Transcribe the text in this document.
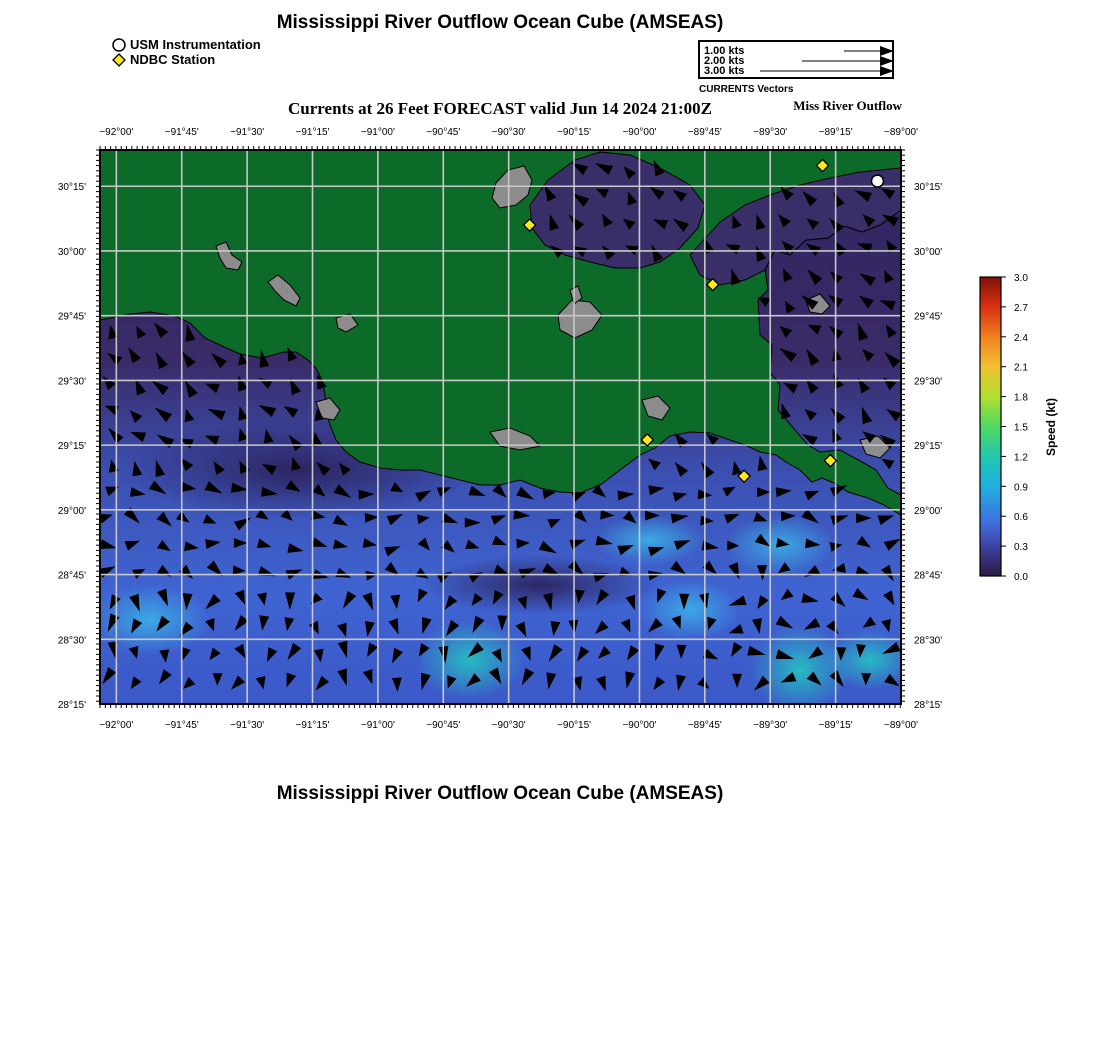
Mississippi River Outflow Ocean Cube (AMSEAS)
USM Instrumentation
NDBC Station
1.00 kts
2.00 kts
3.00 kts
CURRENTS Vectors
Currents at 26 Feet FORECAST valid Jun 14 2024 21:00Z	Miss River Outflow
−92°00'	−91°45'	−91°30'	−91°15'	−91°00'	−90°45'	−90°30'	−90°15'	−90°00'	−89°45'	−89°30'	−89°15'	−89°00'
−92°00'	−91°45'	−91°30'	−91°15'	−91°00'	−90°45'	−90°30'	−90°15'	−90°00'	−89°45'	−89°30'	−89°15'	−89°00'
30°15'
30°00'
29°45'
29°30'
29°15'
29°00'
28°45'
28°30'
28°15'
30°15'
30°00'
29°45'
29°30'
29°15'
29°00'
28°45'
28°30'
28°15'
3.0
2.7
2.4
2.1
1.8
1.5
1.2
0.9
0.6
0.3
0.0
Speed (kt)
Mississippi River Outflow Ocean Cube (AMSEAS)
